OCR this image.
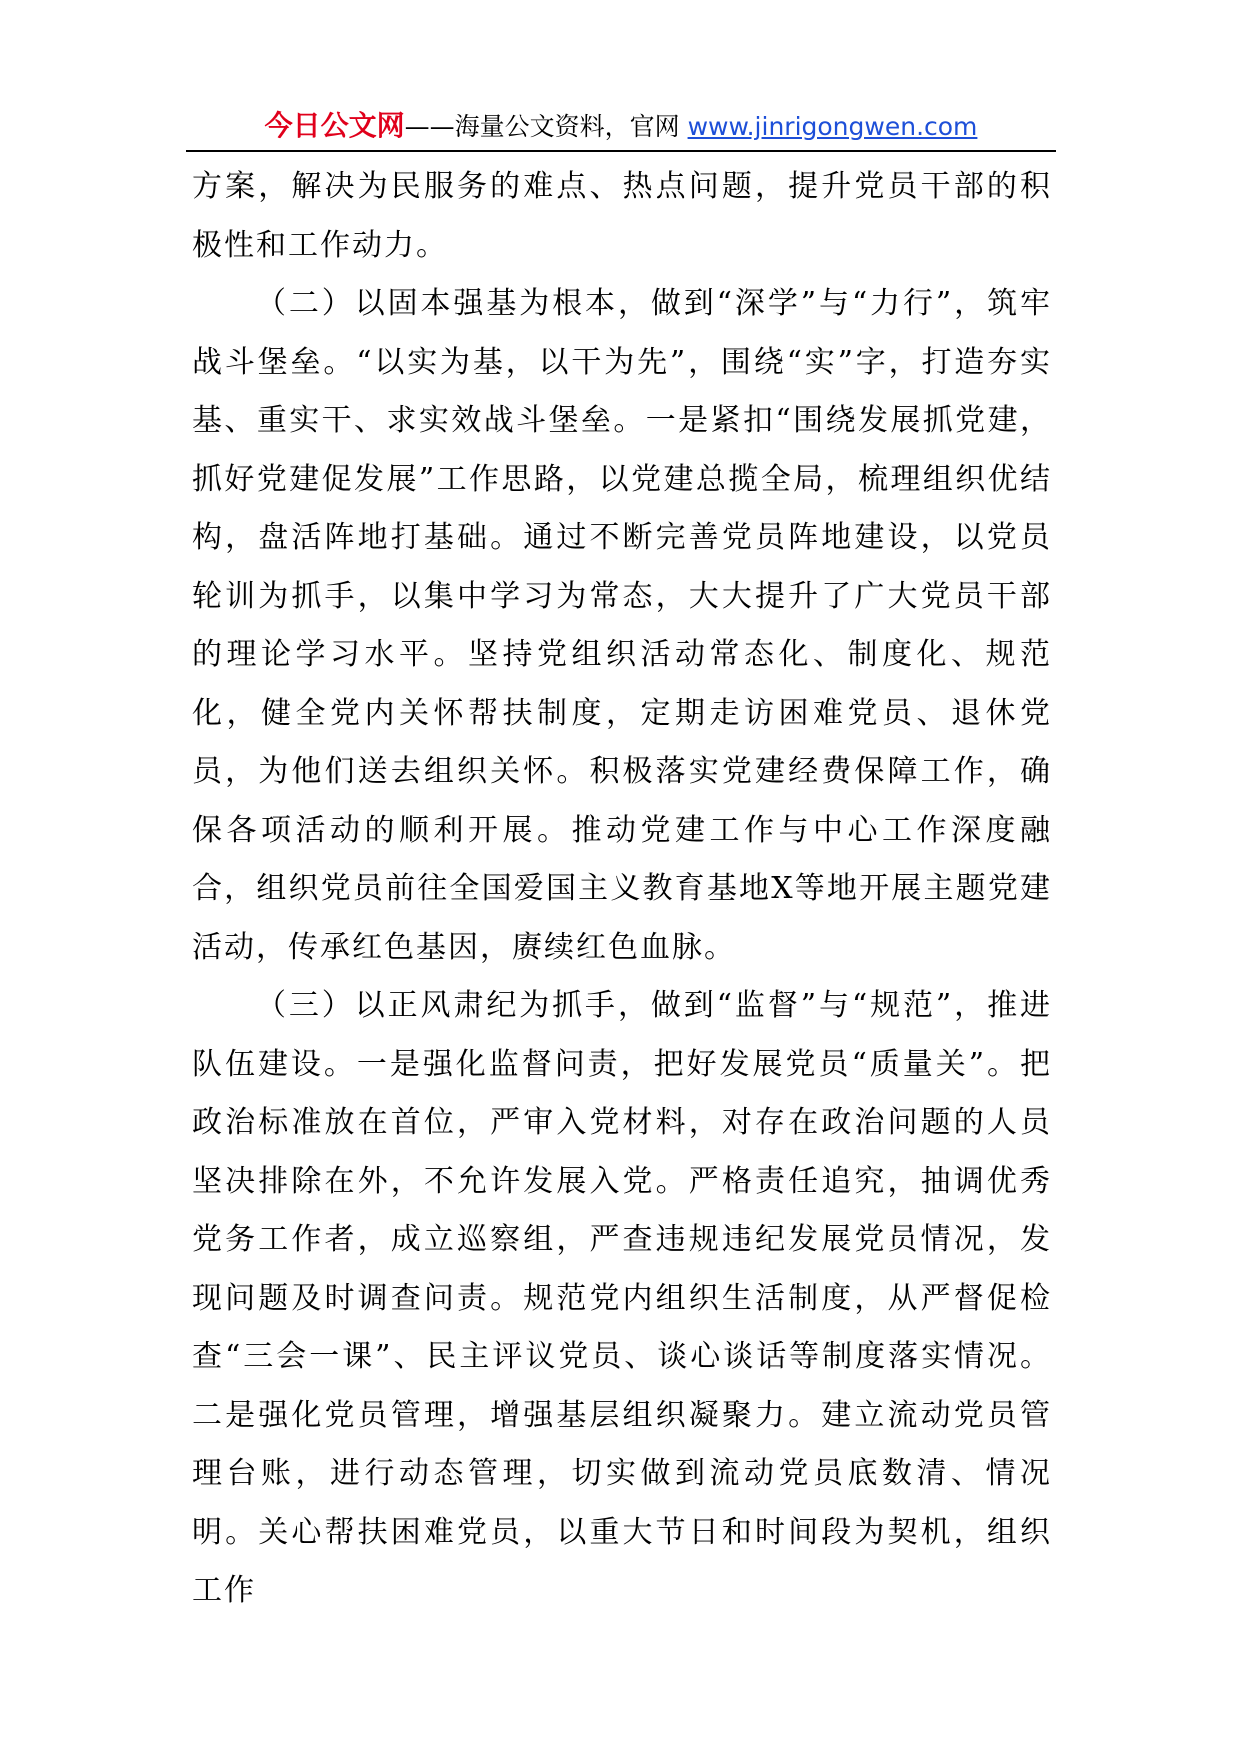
今日公文网——海量公文资料，官网 www.jinrigongwen.com

方案，解决为民服务的难点、热点问题，提升党员干部的积极性和工作动力。

（二）以固本强基为根本，做到“深学”与“力行”，筑牢战斗堡垒。“以实为基，以干为先”，围绕“实”字，打造夯实基、重实干、求实效战斗堡垒。一是紧扣“围绕发展抓党建，抓好党建促发展”工作思路，以党建总揽全局，梳理组织优结构，盘活阵地打基础。通过不断完善党员阵地建设，以党员轮训为抓手，以集中学习为常态，大大提升了广大党员干部的理论学习水平。坚持党组织活动常态化、制度化、规范化，健全党内关怀帮扶制度，定期走访困难党员、退休党员，为他们送去组织关怀。积极落实党建经费保障工作，确保各项活动的顺利开展。推动党建工作与中心工作深度融合，组织党员前往全国爱国主义教育基地X等地开展主题党建活动，传承红色基因，赓续红色血脉。

（三）以正风肃纪为抓手，做到“监督”与“规范”，推进队伍建设。一是强化监督问责，把好发展党员“质量关”。把政治标准放在首位，严审入党材料，对存在政治问题的人员坚决排除在外，不允许发展入党。严格责任追究，抽调优秀党务工作者，成立巡察组，严查违规违纪发展党员情况，发现问题及时调查问责。规范党内组织生活制度，从严督促检查“三会一课”、民主评议党员、谈心谈话等制度落实情况。二是强化党员管理，增强基层组织凝聚力。建立流动党员管理台账，进行动态管理，切实做到流动党员底数清、情况明。关心帮扶困难党员，以重大节日和时间段为契机，组织工作
